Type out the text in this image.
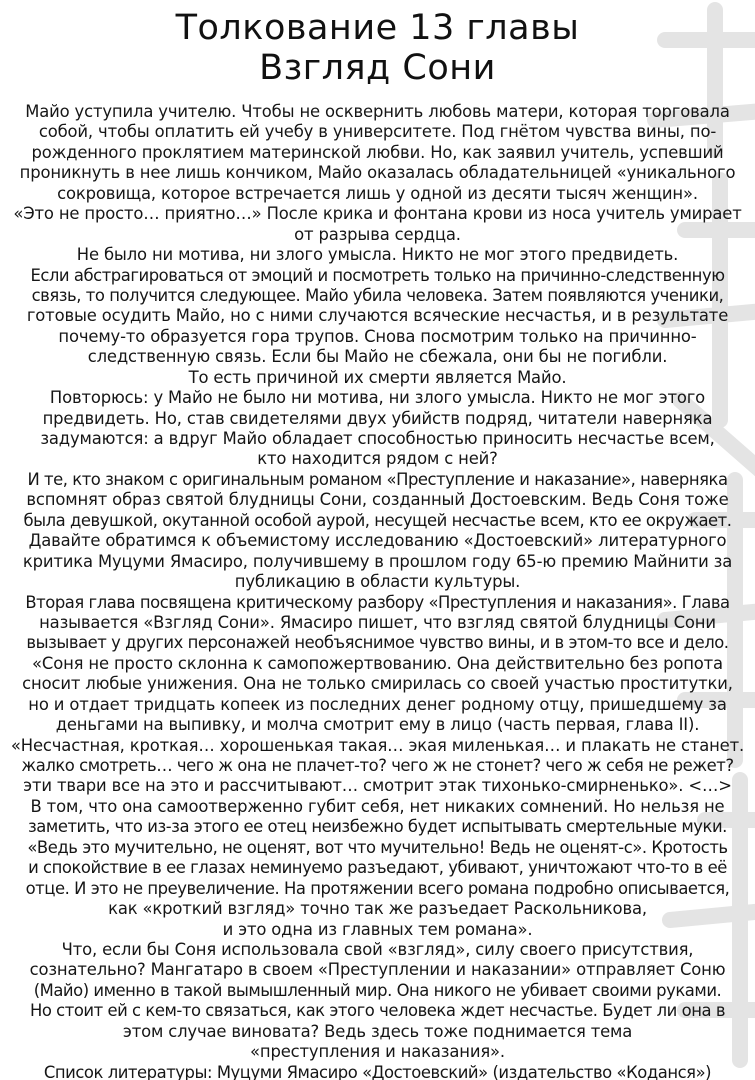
Толкование 13 главы
Взгляд Сони
Майо уступила учителю. Чтобы не осквернить любовь матери, которая торговала
собой, чтобы оплатить ей учебу в университете. Под гнётом чувства вины, по-
рожденного проклятием материнской любви. Но, как заявил учитель, успевший
проникнуть в нее лишь кончиком, Майо оказалась обладательницей «уникального
сокровища, которое встречается лишь у одной из десяти тысяч женщин».
«Это не просто… приятно…» После крика и фонтана крови из носа учитель умирает
от разрыва сердца.
Не было ни мотива, ни злого умысла. Никто не мог этого предвидеть.
Если абстрагироваться от эмоций и посмотреть только на причинно-следственную
связь, то получится следующее. Майо убила человека. Затем появляются ученики,
готовые осудить Майо, но с ними случаются всяческие несчастья, и в результате
почему-то образуется гора трупов. Снова посмотрим только на причинно-
следственную связь. Если бы Майо не сбежала, они бы не погибли.
То есть причиной их смерти является Майо.
Повторюсь: у Майо не было ни мотива, ни злого умысла. Никто не мог этого
предвидеть. Но, став свидетелями двух убийств подряд, читатели наверняка
задумаются: а вдруг Майо обладает способностью приносить несчастье всем,
кто находится рядом с ней?
И те, кто знаком с оригинальным романом «Преступление и наказание», наверняка
вспомнят образ святой блудницы Сони, созданный Достоевским. Ведь Соня тоже
была девушкой, окутанной особой аурой, несущей несчастье всем, кто ее окружает.
Давайте обратимся к объемистому исследованию «Достоевский» литературного
критика Муцуми Ямасиро, получившему в прошлом году 65-ю премию Майнити за
публикацию в области культуры.
Вторая глава посвящена критическому разбору «Преступления и наказания». Глава
называется «Взгляд Сони». Ямасиро пишет, что взгляд святой блудницы Сони
вызывает у других персонажей необъяснимое чувство вины, и в этом-то все и дело.
«Соня не просто склонна к самопожертвованию. Она действительно без ропота
сносит любые унижения. Она не только смирилась со своей участью проститутки,
но и отдает тридцать копеек из последних денег родному отцу, пришедшему за
деньгами на выпивку, и молча смотрит ему в лицо (часть первая, глава II).
«Несчастная, кроткая… хорошенькая такая… экая миленькая… и плакать не станет.
жалко смотреть… чего ж она не плачет-то? чего ж не стонет? чего ж себя не режет?
эти твари все на это и рассчитывают… смотрит этак тихонько-смирненько». <…>
В том, что она самоотверженно губит себя, нет никаких сомнений. Но нельзя не
заметить, что из-за этого ее отец неизбежно будет испытывать смертельные муки.
«Ведь это мучительно, не оценят, вот что мучительно! Ведь не оценят-с». Кротость
и спокойствие в ее глазах неминуемо разъедают, убивают, уничтожают что-то в её
отце. И это не преувеличение. На протяжении всего романа подробно описывается,
как «кроткий взгляд» точно так же разъедает Раскольникова,
и это одна из главных тем романа».
Что, если бы Соня использовала свой «взгляд», силу своего присутствия,
сознательно? Мангатаро в своем «Преступлении и наказании» отправляет Соню
(Майо) именно в такой вымышленный мир. Она никого не убивает своими руками.
Но стоит ей с кем-то связаться, как этого человека ждет несчастье. Будет ли она в
этом случае виновата? Ведь здесь тоже поднимается тема
«преступления и наказания».
Список литературы: Муцуми Ямасиро «Достоевский» (издательство «Коданся»)
